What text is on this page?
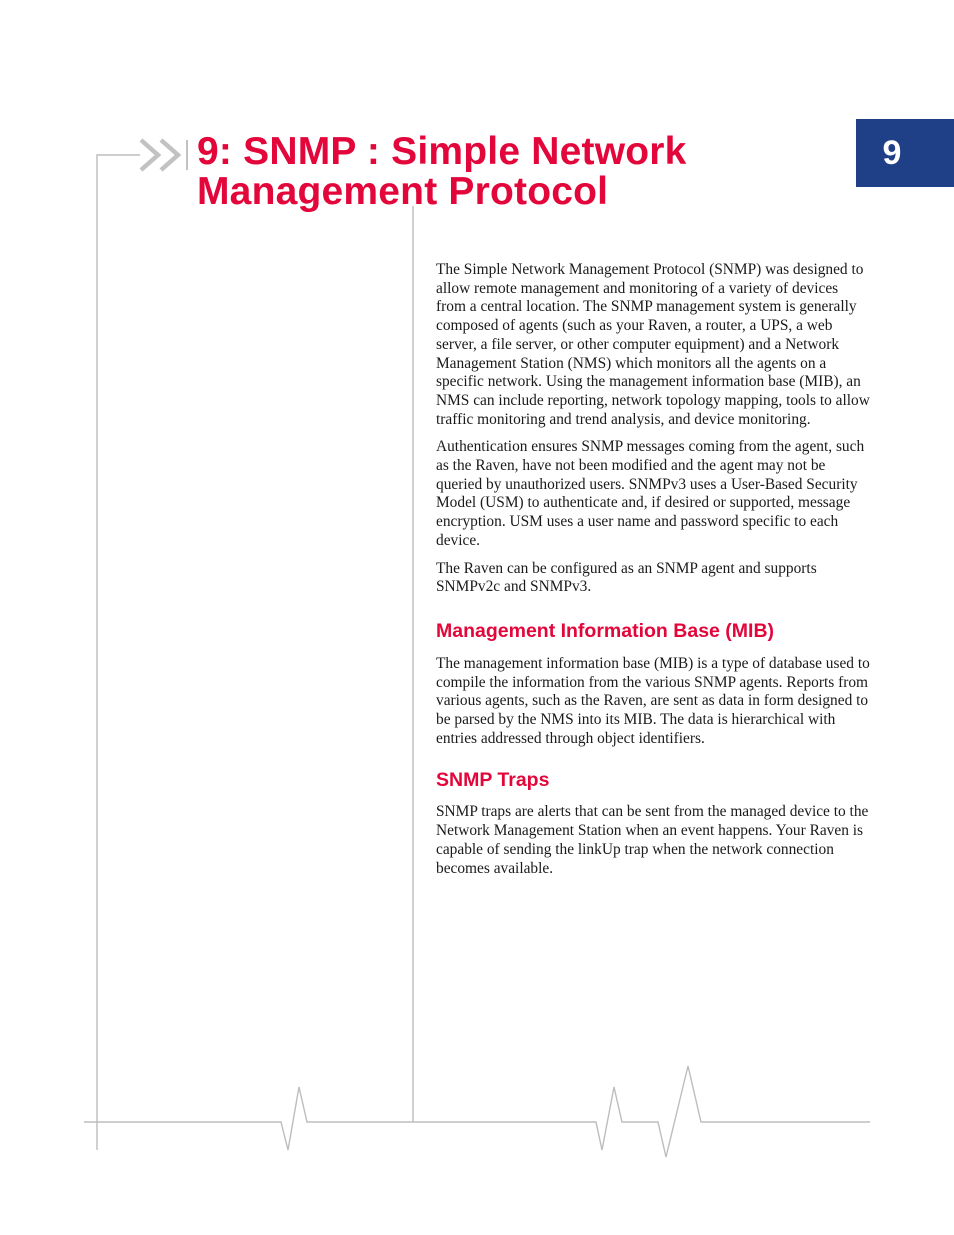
9
9: SNMP : Simple Network
Management Protocol

The Simple Network Management Protocol (SNMP) was designed to allow remote management and monitoring of a variety of devices from a central location. The SNMP management system is generally composed of agents (such as your Raven, a router, a UPS, a web server, a file server, or other computer equipment) and a Network Management Station (NMS) which monitors all the agents on a specific network. Using the management information base (MIB), an NMS can include reporting, network topology mapping, tools to allow traffic monitoring and trend analysis, and device monitoring.

Authentication ensures SNMP messages coming from the agent, such as the Raven, have not been modified and the agent may not be queried by unauthorized users. SNMPv3 uses a User-Based Security Model (USM) to authenticate and, if desired or supported, message encryption. USM uses a user name and password specific to each device.

The Raven can be configured as an SNMP agent and supports SNMPv2c and SNMPv3.

Management Information Base (MIB)

The management information base (MIB) is a type of database used to compile the information from the various SNMP agents. Reports from various agents, such as the Raven, are sent as data in form designed to be parsed by the NMS into its MIB. The data is hierarchical with entries addressed through object identifiers.

SNMP Traps

SNMP traps are alerts that can be sent from the managed device to the Network Management Station when an event happens. Your Raven is capable of sending the linkUp trap when the network connection becomes available.
